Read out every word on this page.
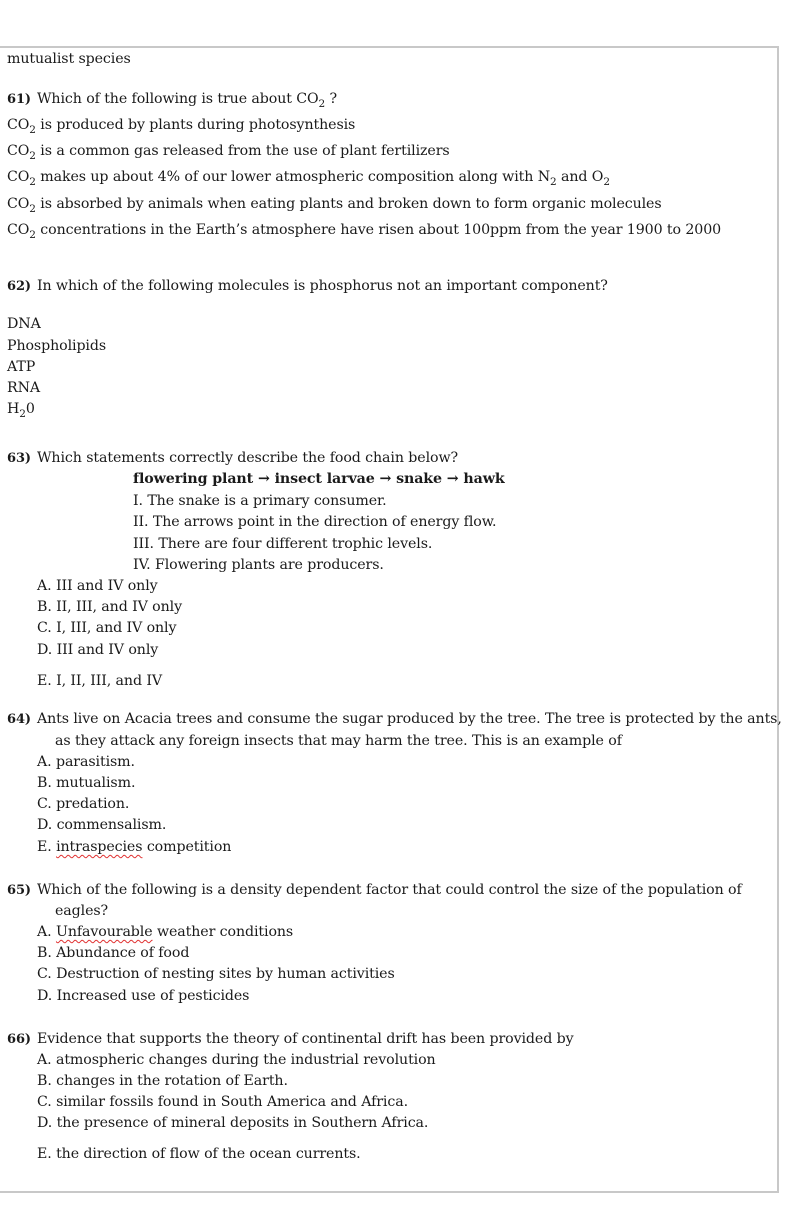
mutualist species
61) Which of the following is true about $CO_2$ ?
$CO_2$ is produced by plants during photosynthesis
$CO_2$ is a common gas released from the use of plant fertilizers
$CO_2$ makes up about 4% of our lower atmospheric composition along with $N_2$ and $O_2$
$CO_2$ is absorbed by animals when eating plants and broken down to form organic molecules
$CO_2$ concentrations in the Earth’s atmosphere have risen about 100ppm from the year 1900 to 2000
62) In which of the following molecules is phosphorus not an important component?
DNA
Phospholipids
ATP
RNA
$H_20$
63) Which statements correctly describe the food chain below?
flowering plant → insect larvae → snake → hawk
I. The snake is a primary consumer.
II. The arrows point in the direction of energy flow.
III. There are four different trophic levels.
IV. Flowering plants are producers.
A. III and IV only
B. II, III, and IV only
C. I, III, and IV only
D. III and IV only
E. I, II, III, and IV
64) Ants live on Acacia trees and consume the sugar produced by the tree. The tree is protected by the ants,
as they attack any foreign insects that may harm the tree. This is an example of
A. parasitism.
B. mutualism.
C. predation.
D. commensalism.
E. intraspecies competition
65) Which of the following is a density dependent factor that could control the size of the population of
eagles?
A. Unfavourable weather conditions
B. Abundance of food
C. Destruction of nesting sites by human activities
D. Increased use of pesticides
66) Evidence that supports the theory of continental drift has been provided by
A. atmospheric changes during the industrial revolution
B. changes in the rotation of Earth.
C. similar fossils found in South America and Africa.
D. the presence of mineral deposits in Southern Africa.
E. the direction of flow of the ocean currents.
